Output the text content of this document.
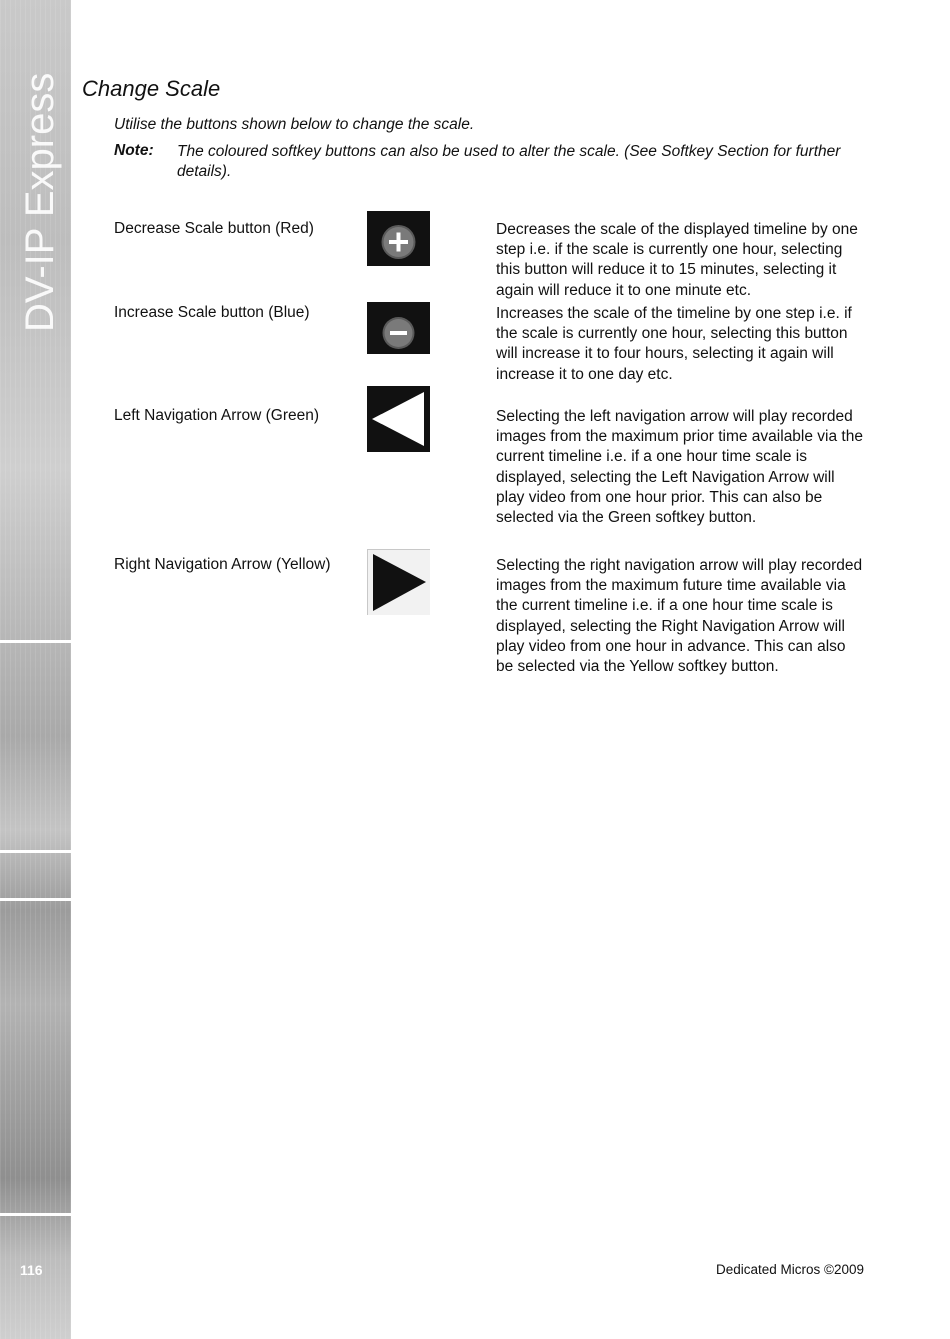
DV-IP Express
116
Change Scale

Utilise the buttons shown below to change the scale.

Note: The coloured softkey buttons can also be used to alter the scale. (See Softkey Section for further details).

Decrease Scale button (Red)	Decreases the scale of the displayed timeline by one step i.e. if the scale is currently one hour, selecting this button will reduce it to 15 minutes, selecting it again will reduce it to one minute etc.

Increase Scale button (Blue)	Increases the scale of the timeline by one step i.e. if the scale is currently one hour, selecting this button will increase it to four hours, selecting it again will increase it to one day etc.

Left Navigation Arrow (Green)	Selecting the left navigation arrow will play recorded images from the maximum prior time available via the current timeline i.e. if a one hour time scale is displayed, selecting the Left Navigation Arrow will play video from one hour prior. This can also be selected via the Green softkey button.

Right Navigation Arrow (Yellow)	Selecting the right navigation arrow will play recorded images from the maximum future time available via the current timeline i.e. if a one hour time scale is displayed, selecting the Right Navigation Arrow will play video from one hour in advance. This can also be selected via the Yellow softkey button.

Dedicated Micros ©2009
